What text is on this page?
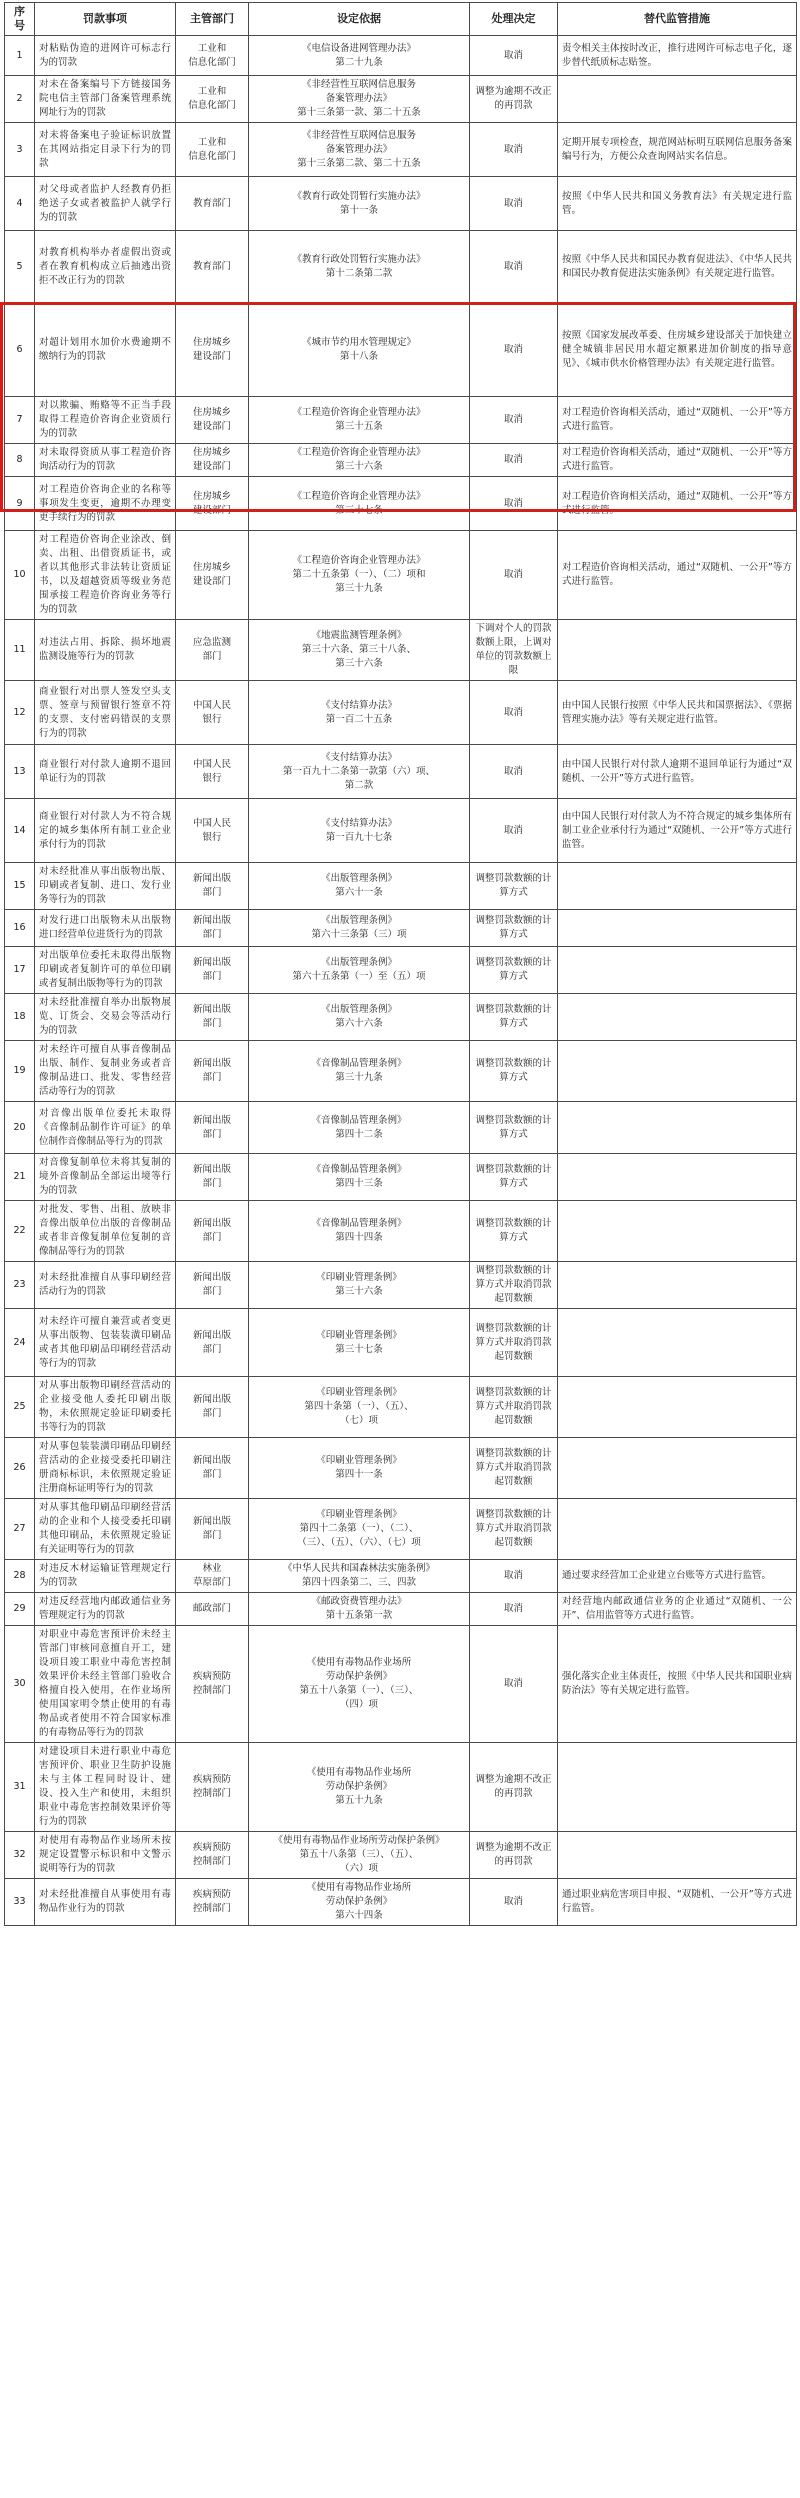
序号	罚款事项	主管部门	设定依据	处理决定	替代监管措施
1	对粘贴伪造的进网许可标志行为的罚款	工业和
信息化部门	《电信设备进网管理办法》
第二十九条	取消	责令相关主体按时改正，推行进网许可标志电子化，逐步替代纸质标志贴签。
2	对未在备案编号下方链接国务院电信主管部门备案管理系统网址行为的罚款	工业和
信息化部门	《非经营性互联网信息服务
备案管理办法》
第十三条第一款、第二十五条	调整为逾期不改正的再罚款	
3	对未将备案电子验证标识放置在其网站指定目录下行为的罚款	工业和
信息化部门	《非经营性互联网信息服务
备案管理办法》
第十三条第二款、第二十五条	取消	定期开展专项检查，规范网站标明互联网信息服务备案编号行为，方便公众查询网站实名信息。
4	对父母或者监护人经教育仍拒绝送子女或者被监护人就学行为的罚款	教育部门	《教育行政处罚暂行实施办法》
第十一条	取消	按照《中华人民共和国义务教育法》有关规定进行监管。
5	对教育机构举办者虚假出资或者在教育机构成立后抽逃出资拒不改正行为的罚款	教育部门	《教育行政处罚暂行实施办法》
第十二条第二款	取消	按照《中华人民共和国民办教育促进法》、《中华人民共和国民办教育促进法实施条例》有关规定进行监管。
6	对超计划用水加价水费逾期不缴纳行为的罚款	住房城乡
建设部门	《城市节约用水管理规定》
第十八条	取消	按照《国家发展改革委、住房城乡建设部关于加快建立健全城镇非居民用水超定额累进加价制度的指导意见》、《城市供水价格管理办法》有关规定进行监管。
7	对以欺骗、贿赂等不正当手段取得工程造价咨询企业资质行为的罚款	住房城乡
建设部门	《工程造价咨询企业管理办法》
第三十五条	取消	对工程造价咨询相关活动，通过“双随机、一公开”等方式进行监管。
8	对未取得资质从事工程造价咨询活动行为的罚款	住房城乡
建设部门	《工程造价咨询企业管理办法》
第三十六条	取消	对工程造价咨询相关活动，通过“双随机、一公开”等方式进行监管。
9	对工程造价咨询企业的名称等事项发生变更，逾期不办理变更手续行为的罚款	住房城乡
建设部门	《工程造价咨询企业管理办法》
第三十七条	取消	对工程造价咨询相关活动，通过“双随机、一公开”等方式进行监管。
10	对工程造价咨询企业涂改、倒卖、出租、出借资质证书，或者以其他形式非法转让资质证书，以及超越资质等级业务范围承接工程造价咨询业务等行为的罚款	住房城乡
建设部门	《工程造价咨询企业管理办法》
第二十五条第（一）、（二）项和
第三十九条	取消	对工程造价咨询相关活动，通过“双随机、一公开”等方式进行监管。
11	对违法占用、拆除、损坏地震监测设施等行为的罚款	应急监测
部门	《地震监测管理条例》
第三十六条、第三十八条、
第三十六条	下调对个人的罚款数额上限，上调对单位的罚款数额上限	
12	商业银行对出票人签发空头支票、签章与预留银行签章不符的支票、支付密码错误的支票行为的罚款	中国人民
银行	《支付结算办法》
第一百二十五条	取消	由中国人民银行按照《中华人民共和国票据法》、《票据管理实施办法》等有关规定进行监管。
13	商业银行对付款人逾期不退回单证行为的罚款	中国人民
银行	《支付结算办法》
第一百九十二条第一款第（六）项、
第二款	取消	由中国人民银行对付款人逾期不退回单证行为通过“双随机、一公开”等方式进行监管。
14	商业银行对付款人为不符合规定的城乡集体所有制工业企业承付行为的罚款	中国人民
银行	《支付结算办法》
第一百九十七条	取消	由中国人民银行对付款人为不符合规定的城乡集体所有制工业企业承付行为通过“双随机、一公开”等方式进行监管。
15	对未经批准从事出版物出版、印刷或者复制、进口、发行业务等行为的罚款	新闻出版
部门	《出版管理条例》
第六十一条	调整罚款数额的计算方式	
16	对发行进口出版物未从出版物进口经营单位进货行为的罚款	新闻出版
部门	《出版管理条例》
第六十三条第（三）项	调整罚款数额的计算方式	
17	对出版单位委托未取得出版物印刷或者复制许可的单位印刷或者复制出版物等行为的罚款	新闻出版
部门	《出版管理条例》
第六十五条第（一）至（五）项	调整罚款数额的计算方式	
18	对未经批准擅自举办出版物展览、订货会、交易会等活动行为的罚款	新闻出版
部门	《出版管理条例》
第六十六条	调整罚款数额的计算方式	
19	对未经许可擅自从事音像制品出版、制作、复制业务或者音像制品进口、批发、零售经营活动等行为的罚款	新闻出版
部门	《音像制品管理条例》
第三十九条	调整罚款数额的计算方式	
20	对音像出版单位委托未取得《音像制品制作许可证》的单位制作音像制品等行为的罚款	新闻出版
部门	《音像制品管理条例》
第四十二条	调整罚款数额的计算方式	
21	对音像复制单位未将其复制的境外音像制品全部运出境等行为的罚款	新闻出版
部门	《音像制品管理条例》
第四十三条	调整罚款数额的计算方式	
22	对批发、零售、出租、放映非音像出版单位出版的音像制品或者非音像复制单位复制的音像制品等行为的罚款	新闻出版
部门	《音像制品管理条例》
第四十四条	调整罚款数额的计算方式	
23	对未经批准擅自从事印刷经营活动行为的罚款	新闻出版
部门	《印刷业管理条例》
第三十六条	调整罚款数额的计算方式并取消罚款起罚数额	
24	对未经许可擅自兼营或者变更从事出版物、包装装潢印刷品或者其他印刷品印刷经营活动等行为的罚款	新闻出版
部门	《印刷业管理条例》
第三十七条	调整罚款数额的计算方式并取消罚款起罚数额	
25	对从事出版物印刷经营活动的企业接受他人委托印刷出版物，未依照规定验证印刷委托书等行为的罚款	新闻出版
部门	《印刷业管理条例》
第四十条第（一）、（五）、
（七）项	调整罚款数额的计算方式并取消罚款起罚数额	
26	对从事包装装潢印刷品印刷经营活动的企业接受委托印刷注册商标标识，未依照规定验证注册商标证明等行为的罚款	新闻出版
部门	《印刷业管理条例》
第四十一条	调整罚款数额的计算方式并取消罚款起罚数额	
27	对从事其他印刷品印刷经营活动的企业和个人接受委托印刷其他印刷品，未依照规定验证有关证明等行为的罚款	新闻出版
部门	《印刷业管理条例》
第四十二条第（一）、（二）、
（三）、（五）、（六）、（七）项	调整罚款数额的计算方式并取消罚款起罚数额	
28	对违反木材运输证管理规定行为的罚款	林业
草原部门	《中华人民共和国森林法实施条例》
第四十四条第二、三、四款	取消	通过要求经营加工企业建立台账等方式进行监管。
29	对违反经营地内邮政通信业务管理规定行为的罚款	邮政部门	《邮政资费管理办法》
第十五条第一款	取消	对经营地内邮政通信业务的企业通过“双随机、一公开”、信用监管等方式进行监管。
30	对职业中毒危害预评价未经主管部门审核同意擅自开工，建设项目竣工职业中毒危害控制效果评价未经主管部门验收合格擅自投入使用，在作业场所使用国家明令禁止使用的有毒物品或者使用不符合国家标准的有毒物品等行为的罚款	疾病预防
控制部门	《使用有毒物品作业场所
劳动保护条例》
第五十八条第（一）、（三）、
（四）项	取消	强化落实企业主体责任，按照《中华人民共和国职业病防治法》等有关规定进行监管。
31	对建设项目未进行职业中毒危害预评价、职业卫生防护设施未与主体工程同时设计、建设、投入生产和使用，未组织职业中毒危害控制效果评价等行为的罚款	疾病预防
控制部门	《使用有毒物品作业场所
劳动保护条例》
第五十九条	调整为逾期不改正的再罚款	
32	对使用有毒物品作业场所未按规定设置警示标识和中文警示说明等行为的罚款	疾病预防
控制部门	《使用有毒物品作业场所劳动保护条例》
第五十八条第（三）、（五）、
（六）项	调整为逾期不改正的再罚款	
33	对未经批准擅自从事使用有毒物品作业行为的罚款	疾病预防
控制部门	《使用有毒物品作业场所
劳动保护条例》
第六十四条	取消	通过职业病危害项目申报、“双随机、一公开”等方式进行监管。
